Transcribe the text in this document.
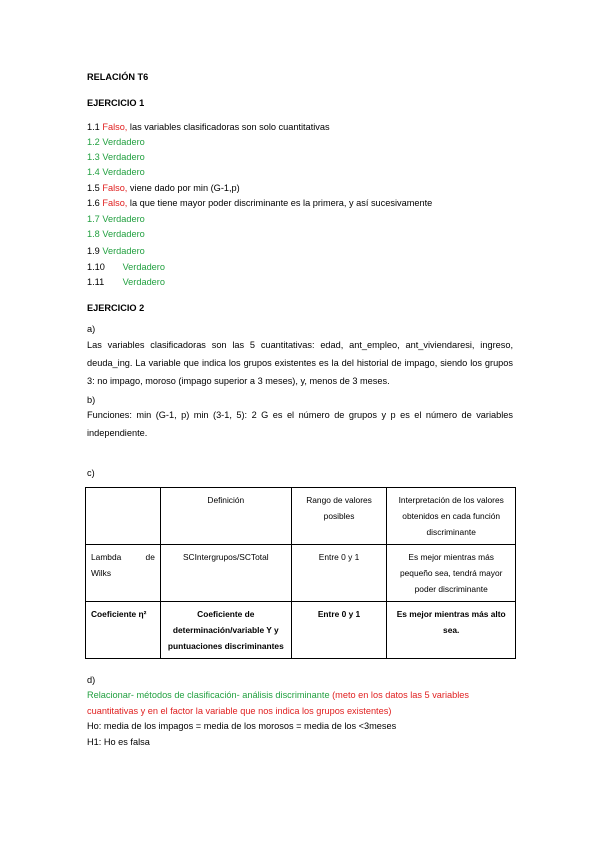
RELACIÓN T6
EJERCICIO 1
1.1 Falso, las variables clasificadoras son solo cuantitativas
1.2 Verdadero
1.3 Verdadero
1.4 Verdadero
1.5 Falso, viene dado por min (G-1,p)
1.6 Falso, la que tiene mayor poder discriminante es la primera, y así sucesivamente
1.7 Verdadero
1.8 Verdadero
1.9 Verdadero
1.10 Verdadero
1.11 Verdadero
EJERCICIO 2
a)
Las variables clasificadoras son las 5 cuantitativas: edad, ant_empleo, ant_viviendaresi, ingreso, deuda_ing. La variable que indica los grupos existentes es la del historial de impago, siendo los grupos 3: no impago, moroso (impago superior a 3 meses), y, menos de 3 meses.
b)
Funciones: min (G-1, p) min (3-1, 5): 2 G es el número de grupos y p es el número de variables independiente.
c)
	Definición	Rango de valores posibles	Interpretación de los valores obtenidos en cada función discriminante

Lambda de Wilks	SCIntergrupos/SCTotal	Entre 0 y 1	Es mejor mientras más pequeño sea, tendrá mayor poder discriminante
Coeficiente η²	Coeficiente de determinación/variable Y y puntuaciones discriminantes	Entre 0 y 1	Es mejor mientras más alto sea.
d)
Relacionar- métodos de clasificación- análisis discriminante (meto en los datos las 5 variables cuantitativas y en el factor la variable que nos indica los grupos existentes)
Ho: media de los impagos = media de los morosos = media de los <3meses
H1: Ho es falsa
